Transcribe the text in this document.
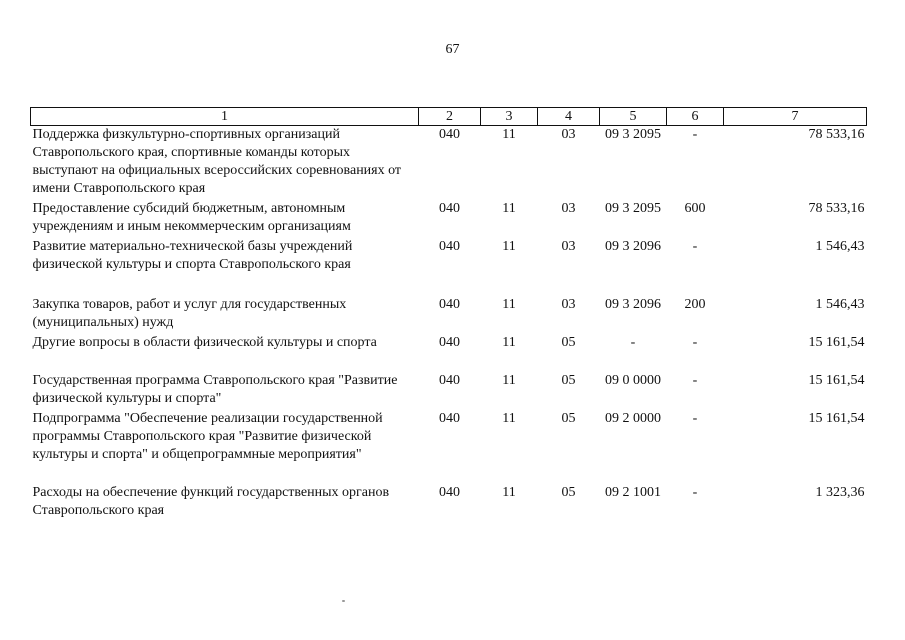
67
1	2	3	4	5	6	7
Поддержка физкультурно-спортивных организаций Ставропольского края, спортивные команды которых выступают на официальных всероссийских соревнованиях от имени Ставропольского края	040	11	03	09 3 2095	-	78 533,16
Предоставление субсидий бюджетным, автономным учреждениям и иным некоммерческим организациям	040	11	03	09 3 2095	600	78 533,16
Развитие материально-технической базы учреждений физической культуры и спорта Ставропольского края	040	11	03	09 3 2096	-	1 546,43
Закупка товаров, работ и услуг для государственных (муниципальных) нужд	040	11	03	09 3 2096	200	1 546,43
Другие вопросы в области физической культуры и спорта	040	11	05	-	-	15 161,54
Государственная программа Ставропольского края "Развитие физической культуры и спорта"	040	11	05	09 0 0000	-	15 161,54
Подпрограмма "Обеспечение реализации государственной программы Ставропольского края "Развитие физической культуры и спорта" и общепрограммные мероприятия"	040	11	05	09 2 0000	-	15 161,54
Расходы на обеспечение функций государственных органов Ставропольского края	040	11	05	09 2 1001	-	1 323,36
